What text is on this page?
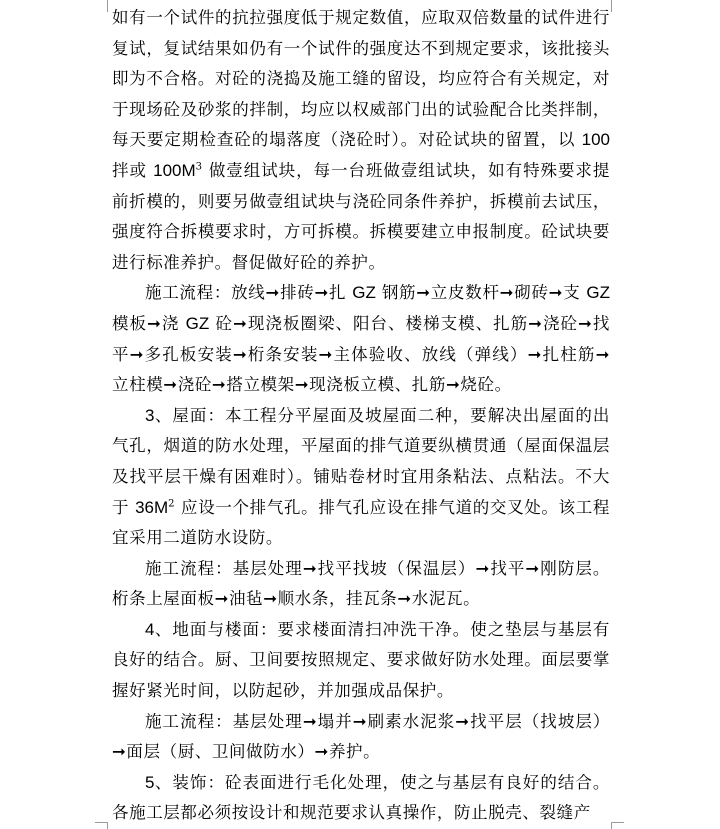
如有一个试件的抗拉强度低于规定数值，应取双倍数量的试件进行复试，复试结果如仍有一个试件的强度达不到规定要求，该批接头即为不合格。对砼的浇捣及施工缝的留设，均应符合有关规定，对于现场砼及砂浆的拌制，均应以权威部门出的试验配合比类拌制，每天要定期检查砼的塌落度（浇砼时）。对砼试块的留置，以 100 拌或 $100M^3$ 做壹组试块，每一台班做壹组试块，如有特殊要求提前折模的，则要另做壹组试块与浇砼同条件养护，拆模前去试压，强度符合拆模要求时，方可拆模。拆模要建立申报制度。砼试块要进行标准养护。督促做好砼的养护。

施工流程：放线➞排砖➞扎 GZ 钢筋➞立皮数杆➞砌砖➞支 GZ 模板➞浇 GZ 砼➞现浇板圈梁、阳台、楼梯支模、扎筋➞浇砼➞找平➞多孔板安装➞桁条安装➞主体验收、放线（弹线）➞扎柱筋➞立柱模➞浇砼➞搭立模架➞现浇板立模、扎筋➞烧砼。

3、屋面：本工程分平屋面及坡屋面二种，要解决出屋面的出气孔，烟道的防水处理，平屋面的排气道要纵横贯通（屋面保温层及找平层干燥有困难时）。铺贴卷材时宜用条粘法、点粘法。不大于 $36M^2$ 应设一个排气孔。排气孔应设在排气道的交叉处。该工程宜采用二道防水设防。

施工流程：基层处理➞找平找坡（保温层）➞找平➞刚防层。桁条上屋面板➞油毡➞顺水条，挂瓦条➞水泥瓦。

4、地面与楼面：要求楼面清扫冲洗干净。使之垫层与基层有良好的结合。厨、卫间要按照规定、要求做好防水处理。面层要掌握好紧光时间，以防起砂，并加强成品保护。

施工流程：基层处理➞塌并➞刷素水泥浆➞找平层（找坡层）➞面层（厨、卫间做防水）➞养护。

5、装饰：砼表面进行毛化处理，使之与基层有良好的结合。各施工层都必须按设计和规范要求认真操作，防止脱壳、裂缝产
